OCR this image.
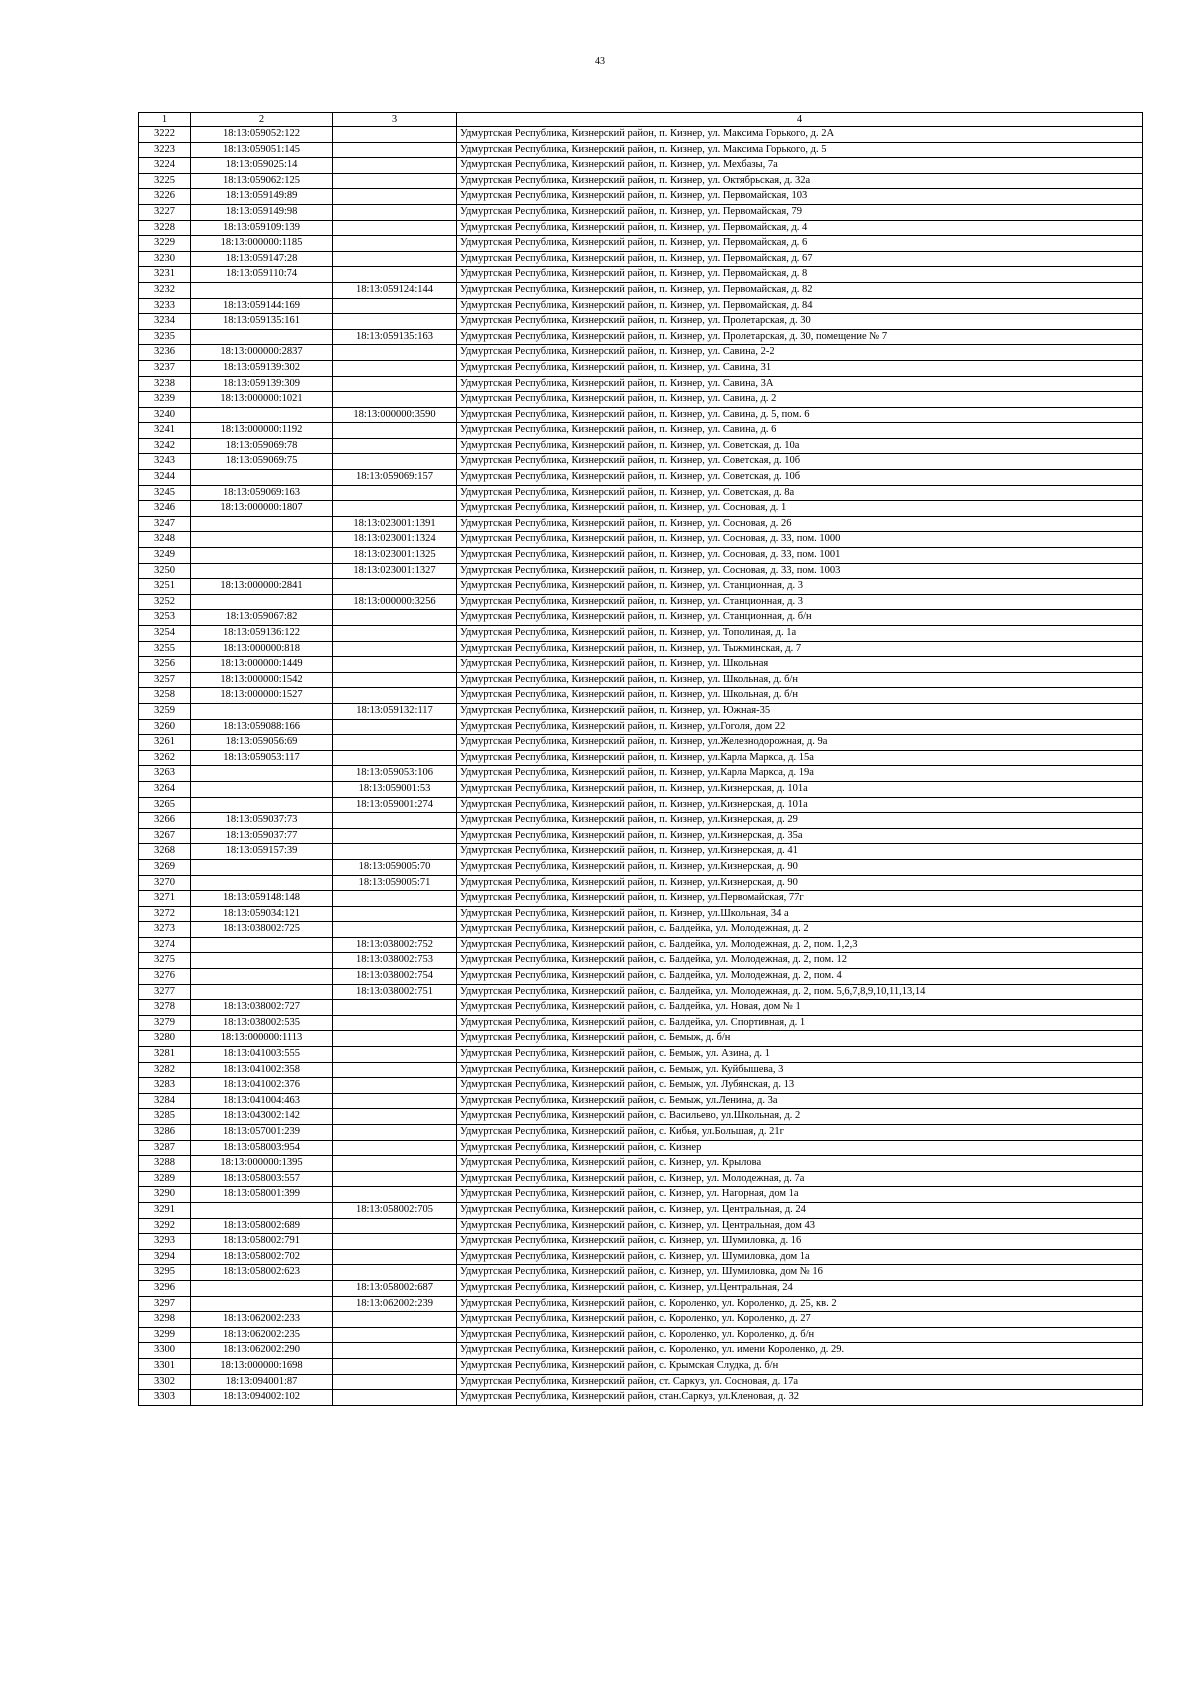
43
1	2	3	4
3222	18:13:059052:122		Удмуртская Республика, Кизнерский район, п. Кизнер, ул. Максима Горького, д. 2А
3223	18:13:059051:145		Удмуртская Республика, Кизнерский район, п. Кизнер, ул. Максима Горького, д. 5
3224	18:13:059025:14		Удмуртская Республика, Кизнерский район, п. Кизнер, ул. Мехбазы, 7а
3225	18:13:059062:125		Удмуртская Республика, Кизнерский район, п. Кизнер, ул. Октябрьская, д. 32а
3226	18:13:059149:89		Удмуртская Республика, Кизнерский район, п. Кизнер, ул. Первомайская, 103
3227	18:13:059149:98		Удмуртская Республика, Кизнерский район, п. Кизнер, ул. Первомайская, 79
3228	18:13:059109:139		Удмуртская Республика, Кизнерский район, п. Кизнер, ул. Первомайская, д. 4
3229	18:13:000000:1185		Удмуртская Республика, Кизнерский район, п. Кизнер, ул. Первомайская, д. 6
3230	18:13:059147:28		Удмуртская Республика, Кизнерский район, п. Кизнер, ул. Первомайская, д. 67
3231	18:13:059110:74		Удмуртская Республика, Кизнерский район, п. Кизнер, ул. Первомайская, д. 8
3232		18:13:059124:144	Удмуртская Республика, Кизнерский район, п. Кизнер, ул. Первомайская, д. 82
3233	18:13:059144:169		Удмуртская Республика, Кизнерский район, п. Кизнер, ул. Первомайская, д. 84
3234	18:13:059135:161		Удмуртская Республика, Кизнерский район, п. Кизнер, ул. Пролетарская, д. 30
3235		18:13:059135:163	Удмуртская Республика, Кизнерский район, п. Кизнер, ул. Пролетарская, д. 30, помещение № 7
3236	18:13:000000:2837		Удмуртская Республика, Кизнерский район, п. Кизнер, ул. Савина, 2-2
3237	18:13:059139:302		Удмуртская Республика, Кизнерский район, п. Кизнер, ул. Савина, 31
3238	18:13:059139:309		Удмуртская Республика, Кизнерский район, п. Кизнер, ул. Савина, 3А
3239	18:13:000000:1021		Удмуртская Республика, Кизнерский район, п. Кизнер, ул. Савина, д. 2
3240		18:13:000000:3590	Удмуртская Республика, Кизнерский район, п. Кизнер, ул. Савина, д. 5, пом. 6
3241	18:13:000000:1192		Удмуртская Республика, Кизнерский район, п. Кизнер, ул. Савина, д. 6
3242	18:13:059069:78		Удмуртская Республика, Кизнерский район, п. Кизнер, ул. Советская, д. 10а
3243	18:13:059069:75		Удмуртская Республика, Кизнерский район, п. Кизнер, ул. Советская, д. 10б
3244		18:13:059069:157	Удмуртская Республика, Кизнерский район, п. Кизнер, ул. Советская, д. 10б
3245	18:13:059069:163		Удмуртская Республика, Кизнерский район, п. Кизнер, ул. Советская, д. 8а
3246	18:13:000000:1807		Удмуртская Республика, Кизнерский район, п. Кизнер, ул. Сосновая, д. 1
3247		18:13:023001:1391	Удмуртская Республика, Кизнерский район, п. Кизнер, ул. Сосновая, д. 26
3248		18:13:023001:1324	Удмуртская Республика, Кизнерский район, п. Кизнер, ул. Сосновая, д. 33, пом. 1000
3249		18:13:023001:1325	Удмуртская Республика, Кизнерский район, п. Кизнер, ул. Сосновая, д. 33, пом. 1001
3250		18:13:023001:1327	Удмуртская Республика, Кизнерский район, п. Кизнер, ул. Сосновая, д. 33, пом. 1003
3251	18:13:000000:2841		Удмуртская Республика, Кизнерский район, п. Кизнер, ул. Станционная, д. 3
3252		18:13:000000:3256	Удмуртская Республика, Кизнерский район, п. Кизнер, ул. Станционная, д. 3
3253	18:13:059067:82		Удмуртская Республика, Кизнерский район, п. Кизнер, ул. Станционная, д. б/н
3254	18:13:059136:122		Удмуртская Республика, Кизнерский район, п. Кизнер, ул. Тополиная, д. 1а
3255	18:13:000000:818		Удмуртская Республика, Кизнерский район, п. Кизнер, ул. Тыжминская, д. 7
3256	18:13:000000:1449		Удмуртская Республика, Кизнерский район, п. Кизнер, ул. Школьная
3257	18:13:000000:1542		Удмуртская Республика, Кизнерский район, п. Кизнер, ул. Школьная, д. б/н
3258	18:13:000000:1527		Удмуртская Республика, Кизнерский район, п. Кизнер, ул. Школьная, д. б/н
3259		18:13:059132:117	Удмуртская Республика, Кизнерский район, п. Кизнер, ул. Южная-35
3260	18:13:059088:166		Удмуртская Республика, Кизнерский район, п. Кизнер, ул.Гоголя, дом 22
3261	18:13:059056:69		Удмуртская Республика, Кизнерский район, п. Кизнер, ул.Железнодорожная, д. 9а
3262	18:13:059053:117		Удмуртская Республика, Кизнерский район, п. Кизнер, ул.Карла Маркса, д. 15а
3263		18:13:059053:106	Удмуртская Республика, Кизнерский район, п. Кизнер, ул.Карла Маркса, д. 19а
3264		18:13:059001:53	Удмуртская Республика, Кизнерский район, п. Кизнер, ул.Кизнерская, д. 101а
3265		18:13:059001:274	Удмуртская Республика, Кизнерский район, п. Кизнер, ул.Кизнерская, д. 101а
3266	18:13:059037:73		Удмуртская Республика, Кизнерский район, п. Кизнер, ул.Кизнерская, д. 29
3267	18:13:059037:77		Удмуртская Республика, Кизнерский район, п. Кизнер, ул.Кизнерская, д. 35а
3268	18:13:059157:39		Удмуртская Республика, Кизнерский район, п. Кизнер, ул.Кизнерская, д. 41
3269		18:13:059005:70	Удмуртская Республика, Кизнерский район, п. Кизнер, ул.Кизнерская, д. 90
3270		18:13:059005:71	Удмуртская Республика, Кизнерский район, п. Кизнер, ул.Кизнерская, д. 90
3271	18:13:059148:148		Удмуртская Республика, Кизнерский район, п. Кизнер, ул.Первомайская, 77г
3272	18:13:059034:121		Удмуртская Республика, Кизнерский район, п. Кизнер, ул.Школьная, 34 а
3273	18:13:038002:725		Удмуртская Республика, Кизнерский район, с. Балдейка, ул. Молодежная, д. 2
3274		18:13:038002:752	Удмуртская Республика, Кизнерский район, с. Балдейка, ул. Молодежная, д. 2, пом. 1,2,3
3275		18:13:038002:753	Удмуртская Республика, Кизнерский район, с. Балдейка, ул. Молодежная, д. 2, пом. 12
3276		18:13:038002:754	Удмуртская Республика, Кизнерский район, с. Балдейка, ул. Молодежная, д. 2, пом. 4
3277		18:13:038002:751	Удмуртская Республика, Кизнерский район, с. Балдейка, ул. Молодежная, д. 2, пом. 5,6,7,8,9,10,11,13,14
3278	18:13:038002:727		Удмуртская Республика, Кизнерский район, с. Балдейка, ул. Новая, дом № 1
3279	18:13:038002:535		Удмуртская Республика, Кизнерский район, с. Балдейка, ул. Спортивная, д. 1
3280	18:13:000000:1113		Удмуртская Республика, Кизнерский район, с. Бемыж, д. б/н
3281	18:13:041003:555		Удмуртская Республика, Кизнерский район, с. Бемыж, ул. Азина, д. 1
3282	18:13:041002:358		Удмуртская Республика, Кизнерский район, с. Бемыж, ул. Куйбышева, 3
3283	18:13:041002:376		Удмуртская Республика, Кизнерский район, с. Бемыж, ул. Лубянская, д. 13
3284	18:13:041004:463		Удмуртская Республика, Кизнерский район, с. Бемыж, ул.Ленина, д. 3а
3285	18:13:043002:142		Удмуртская Республика, Кизнерский район, с. Васильево, ул.Школьная, д. 2
3286	18:13:057001:239		Удмуртская Республика, Кизнерский район, с. Кибья, ул.Большая, д. 21г
3287	18:13:058003:954		Удмуртская Республика, Кизнерский район, с. Кизнер
3288	18:13:000000:1395		Удмуртская Республика, Кизнерский район, с. Кизнер, ул. Крылова
3289	18:13:058003:557		Удмуртская Республика, Кизнерский район, с. Кизнер, ул. Молодежная, д. 7а
3290	18:13:058001:399		Удмуртская Республика, Кизнерский район, с. Кизнер, ул. Нагорная, дом 1а
3291		18:13:058002:705	Удмуртская Республика, Кизнерский район, с. Кизнер, ул. Центральная, д. 24
3292	18:13:058002:689		Удмуртская Республика, Кизнерский район, с. Кизнер, ул. Центральная, дом 43
3293	18:13:058002:791		Удмуртская Республика, Кизнерский район, с. Кизнер, ул. Шумиловка, д. 16
3294	18:13:058002:702		Удмуртская Республика, Кизнерский район, с. Кизнер, ул. Шумиловка, дом 1а
3295	18:13:058002:623		Удмуртская Республика, Кизнерский район, с. Кизнер, ул. Шумиловка, дом № 16
3296		18:13:058002:687	Удмуртская Республика, Кизнерский район, с. Кизнер, ул.Центральная, 24
3297		18:13:062002:239	Удмуртская Республика, Кизнерский район, с. Короленко, ул. Короленко, д. 25, кв. 2
3298	18:13:062002:233		Удмуртская Республика, Кизнерский район, с. Короленко, ул. Короленко, д. 27
3299	18:13:062002:235		Удмуртская Республика, Кизнерский район, с. Короленко, ул. Короленко, д. б/н
3300	18:13:062002:290		Удмуртская Республика, Кизнерский район, с. Короленко, ул. имени Короленко, д. 29.
3301	18:13:000000:1698		Удмуртская Республика, Кизнерский район, с. Крымская Слудка, д. б/н
3302	18:13:094001:87		Удмуртская Республика, Кизнерский район, ст. Саркуз, ул. Сосновая, д. 17а
3303	18:13:094002:102		Удмуртская Республика, Кизнерский район, стан.Саркуз, ул.Кленовая, д. 32
